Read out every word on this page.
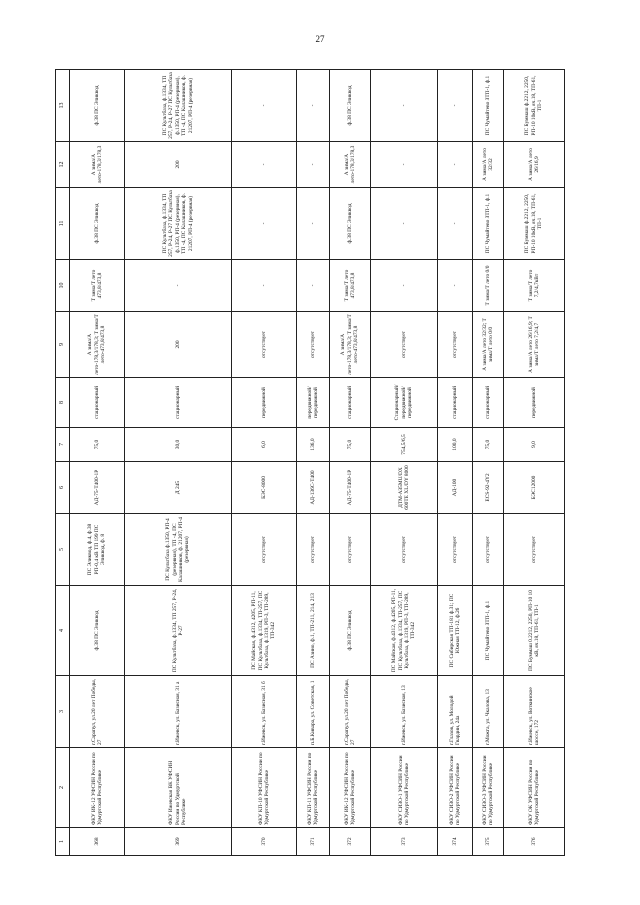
27
1	2	3	4	5	6	7	8	9	10	11	12	13
368	ФКУ ИК-12 УФСИН России по Удмуртской Республике	г.Сарапул, ул.20 лет Победы, 27	ф.38 ПС Эликвод	ПС Эликвод, ф.4, ф.38 РП-0,4 кВ ТП 199 ПС Эликвод, ф. 8	АД-75-Т400-1Р	75,0	стационарный	А зима/А лето-178,3/178,3; Т зима/Т лето-473,8/473,8	Т зима/Т лето 473,8/473,8	ф.38 ПС Эликвод	А зима/А лето-178,3/178,3	ф.38 ПС Эликвод
369	ФКУ Ижевская ВК УФСИН России по Удмуртской Республике	г.Ижевск, ул. Базисная, 31 а	ПС Культбаза, ф.1334, ТП 257, Р-24, Р-27	ПС Культбаза ф.1350, РП-4 (резервная), ТП -4, ПС Калашников, ф. 21207, РП-4 (резервная)	Д 245	30,0	стационарный	200	-	ПС Культбаза, ф.1334, ТП 257, Р-24, Р-27 ПС Культбаза ф.1350, РП-4 (резервная), ТП -4, ПС Калашников, ф. 21207, РП-4 (резервная)	200	ПС Культбаза, ф.1334, ТП 257, Р-24, Р-27 ПС Культбаза ф.1350, РП-4 (резервная), ТП -4, ПС Калашников, ф. 21207, РП-4 (резервная)
370	ФКУ КП-10 УФСИН России по Удмуртской Республике	г.Ижевск, ул. Базисная, 31 б	ПС Майская, ф.4312, 4205, РП-11, ПС Культбаза, ф.1334, ТП-257, ПС Культбаза, ф.1319, РП-3, ТП-289, ТП-342	отсутствует	БЭС-8000	6,0	передвижной	отсутствует	-	-	-	-
371	ФКУ КП-11 УФСИН России по Удмуртской Республике	п.Б.Кивара, ул. Советская, 1	ПС Азино, ф.1, ТП-211, 214, 213	отсутствует	АД-136С-Т400	136,0	передвижной/передвижной	отсутствует	-	-	-	-
372	ФКУ ИК-12 УФСИН России по Удмуртской Республике	г.Сарапул, ул.20 лет Победы, 27	ф.38 ПС Эликвод	отсутствует	АД-75-Т400-1Р	75,0	стационарный	А зима/А лето-178,3/178,3; Т зима/Т лето-473,8/473,8	Т зима/Т лето 473,8/473,8	ф.38 ПС Эликвод	А зима/А лето-178,3/178,3	ф.38 ПС Эликвод
373	ФКУ СИЗО-1 УФСИН России по Удмуртской Республике	г.Ижевск, ул. Базисная, 13	ПС Майская, ф.4312, ф.4205, РП-11, ПС Культбаза, ф.1334, ТП-257, ПС Культбаза, ф.1319, РП-3, ТП-289, ТП-342	отсутствует	ДТМ-АЗ5МU/DX 600ТЕ XL/DY 8000	754,5/6,5	Стационарный/передвижной/передвижной	отсутствует	-	-	-	-
374	ФКУ СИЗО-2 УФСИН России по Удмуртской Республике	г.Глазов, ул. Молодой Гвардии, 24а	ПС Сибирская ТП-181 ф.31; ПС Южная ТП-12, ф.26	отсутствует	АД-100	100,0	стационарный	отсутствует	-	-	-	-
375	ФКУ СИЗО-3 УФСИН России по Удмуртской Республике	г.Можга, ул. Чкалова, 13	ПС Чумайтево ЗТП-1, ф.1	отсутствует	ECS-92-4Y2	75,0	стационарный	А зима/А лето 32/32; Т зима/Т лето 0/0	Т зима/Т лето 0/0	ПС Чумайтево ЗТП-1, ф.1	А зима/А лето 32/32	ПС Чумайтево ЗТП-1, ф.1
376	ФКУ ОК УФСИН России по Удмуртской Республике	г.Ижевск, ул. Воткинское шоссе, 172	ПС Буммаш 0.2212, 2250, РП-10 10 кВ, яч.18, ТП-61, ТП-1	отсутствует	БЭС12000	9,0	передвижной	А зима/А лето 26/16,9; Т зима/Т лето 7,2/4,7	Т зима/Т лето 7,2/4,7кВт	ПС Буммаш ф.2212, 2250, РП-10 10кВ, яч.18, ТП-61, ТП-1	А зима/А лето 26/16,9	ПС Буммаш ф.2212, 2250, РП-10 10кВ, яч.18, ТП-61, ТП-1
